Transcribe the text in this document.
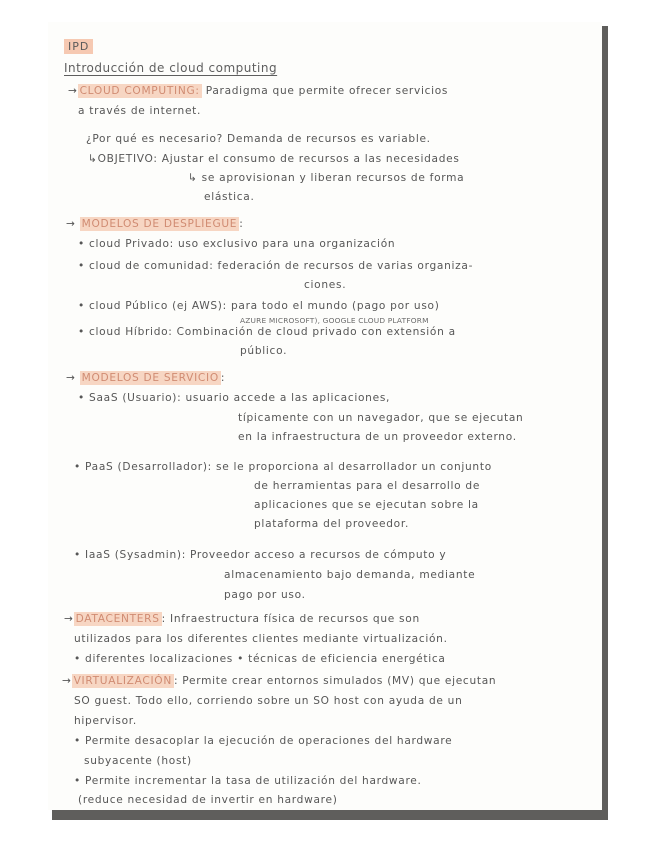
IPD
Introducción de cloud computing
→ CLOUD COMPUTING: Paradigma que permite ofrecer servicios
a través de internet.
¿Por qué es necesario? Demanda de recursos es variable.
↳OBJETIVO: Ajustar el consumo de recursos a las necesidades
↳ se aprovisionan y liberan recursos de forma
elástica.
→ MODELOS DE DESPLIEGUE :
• cloud Privado: uso exclusivo para una organización
• cloud de comunidad: federación de recursos de varias organiza-
ciones.
• cloud Público (ej AWS): para todo el mundo (pago por uso)
AZURE MICROSOFT), GOOGLE CLOUD PLATFORM
• cloud Híbrido: Combinación de cloud privado con extensión a
público.
→ MODELOS DE SERVICIO :
• SaaS (Usuario): usuario accede a las aplicaciones,
típicamente con un navegador, que se ejecutan
en la infraestructura de un proveedor externo.
• PaaS (Desarrollador): se le proporciona al desarrollador un conjunto
de herramientas para el desarrollo de
aplicaciones que se ejecutan sobre la
plataforma del proveedor.
• IaaS (Sysadmin): Proveedor acceso a recursos de cómputo y
almacenamiento bajo demanda, mediante
pago por uso.
→ DATACENTERS : Infraestructura física de recursos que son
utilizados para los diferentes clientes mediante virtualización.
• diferentes localizaciones • técnicas de eficiencia energética
→ VIRTUALIZACIÓN : Permite crear entornos simulados (MV) que ejecutan
SO guest. Todo ello, corriendo sobre un SO host con ayuda de un
hipervisor.
• Permite desacoplar la ejecución de operaciones del hardware
subyacente (host)
• Permite incrementar la tasa de utilización del hardware.
(reduce necesidad de invertir en hardware)
